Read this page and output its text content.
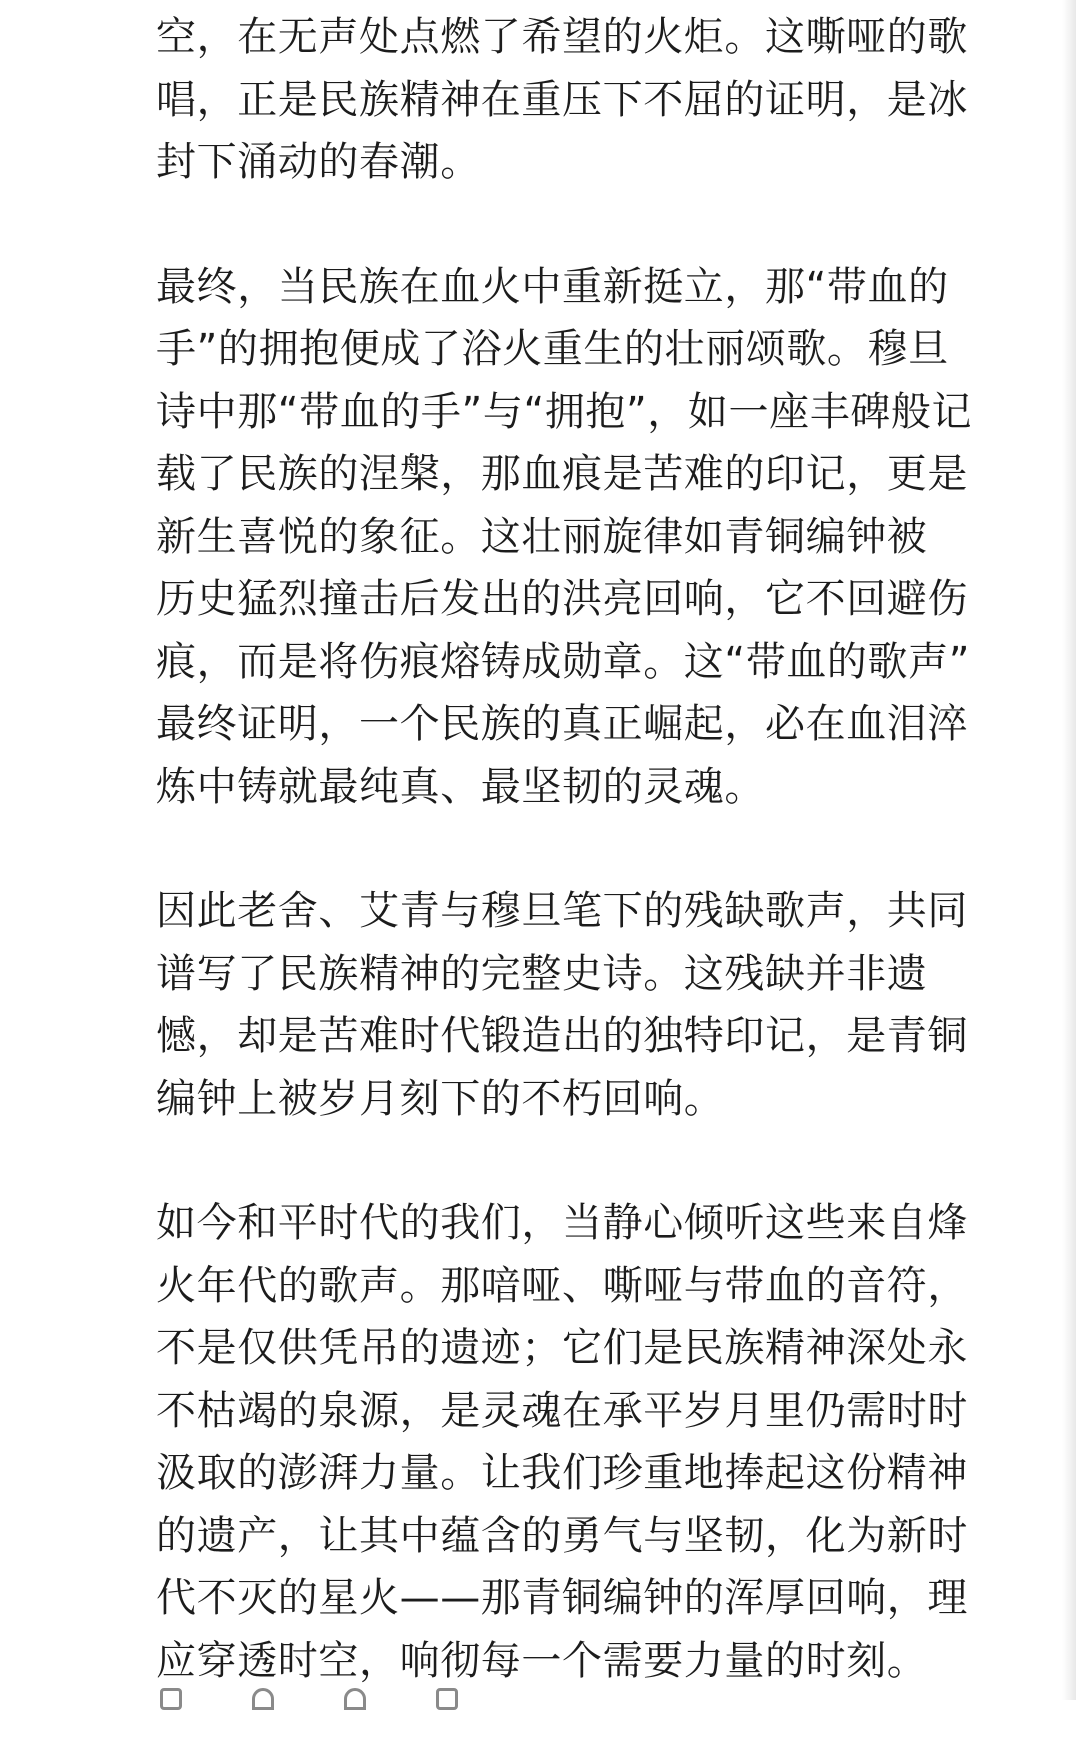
空，在无声处点燃了希望的火炬。这嘶哑的歌
唱，正是民族精神在重压下不屈的证明，是冰
封下涌动的春潮。
最终，当民族在血火中重新挺立，那“带血的
手”的拥抱便成了浴火重生的壮丽颂歌。穆旦
诗中那“带血的手”与“拥抱”，如一座丰碑般记
载了民族的涅槃，那血痕是苦难的印记，更是
新生喜悦的象征。这壮丽旋律如青铜编钟被
历史猛烈撞击后发出的洪亮回响，它不回避伤
痕，而是将伤痕熔铸成勋章。这“带血的歌声”
最终证明，一个民族的真正崛起，必在血泪淬
炼中铸就最纯真、最坚韧的灵魂。
因此老舍、艾青与穆旦笔下的残缺歌声，共同
谱写了民族精神的完整史诗。这残缺并非遗
憾，却是苦难时代锻造出的独特印记，是青铜
编钟上被岁月刻下的不朽回响。
如今和平时代的我们，当静心倾听这些来自烽
火年代的歌声。那喑哑、嘶哑与带血的音符，
不是仅供凭吊的遗迹；它们是民族精神深处永
不枯竭的泉源，是灵魂在承平岁月里仍需时时
汲取的澎湃力量。让我们珍重地捧起这份精神
的遗产，让其中蕴含的勇气与坚韧，化为新时
代不灭的星火——那青铜编钟的浑厚回响，理
应穿透时空，响彻每一个需要力量的时刻。
